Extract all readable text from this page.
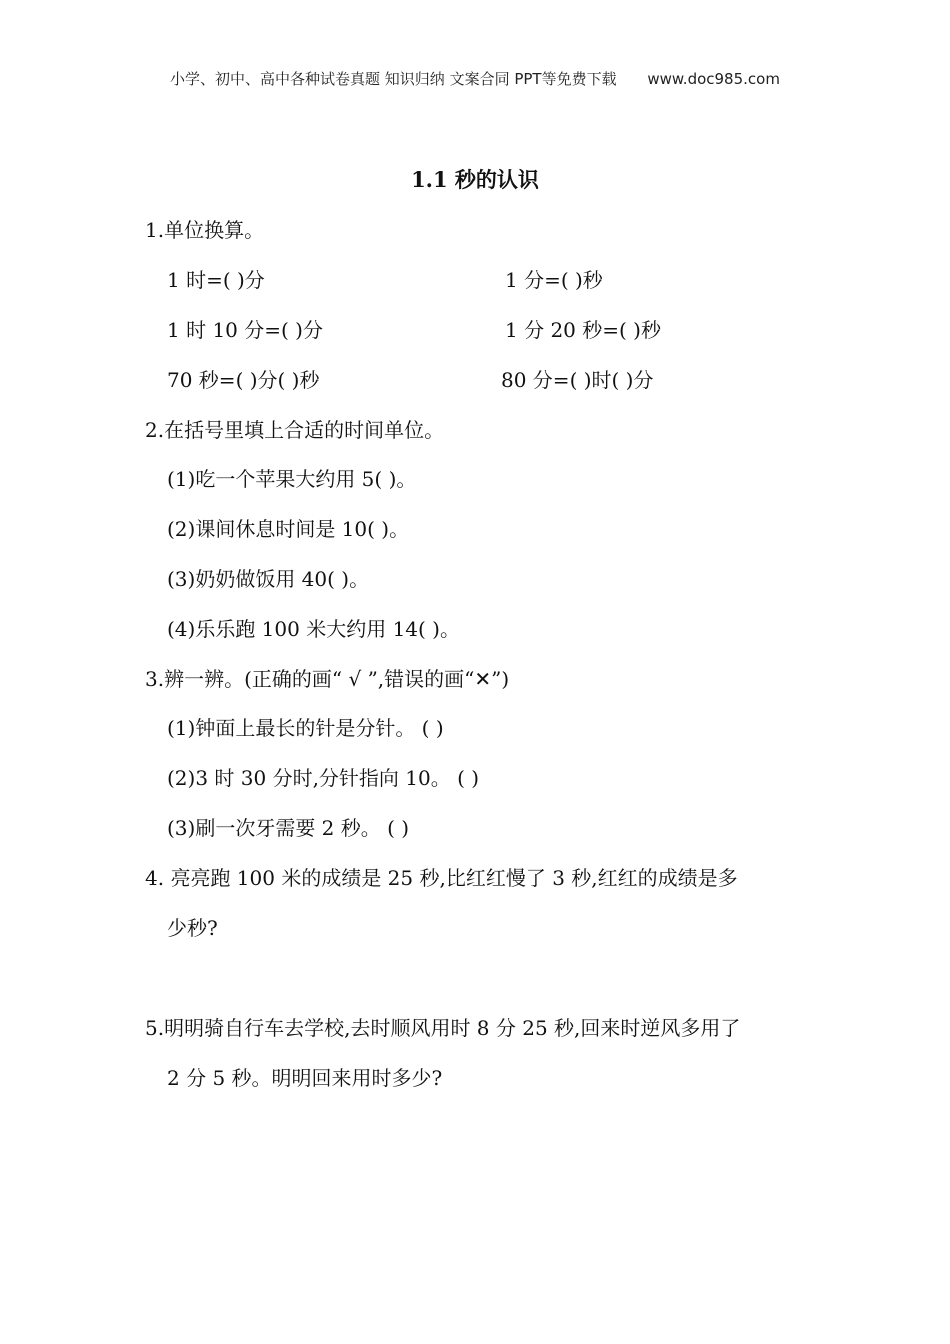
小学、初中、高中各种试卷真题 知识归纳 文案合同 PPT等免费下载 www.doc985.com
1.1 秒的认识
1.单位换算。
1 时=( )分	1 分=( )秒
1 时 10 分=( )分	1 分 20 秒=( )秒
70 秒=( )分( )秒	80 分=( )时( )分
2.在括号里填上合适的时间单位。
(1)吃一个苹果大约用 5( )。
(2)课间休息时间是 10( )。
(3)奶奶做饭用 40( )。
(4)乐乐跑 100 米大约用 14( )。
3.辨一辨。(正确的画“ √ ”,错误的画“✕”)
(1)钟面上最长的针是分针。 ( )
(2)3 时 30 分时,分针指向 10。 ( )
(3)刷一次牙需要 2 秒。 ( )
4. 亮亮跑 100 米的成绩是 25 秒,比红红慢了 3 秒,红红的成绩是多
少秒?
5.明明骑自行车去学校,去时顺风用时 8 分 25 秒,回来时逆风多用了
2 分 5 秒。明明回来用时多少?
